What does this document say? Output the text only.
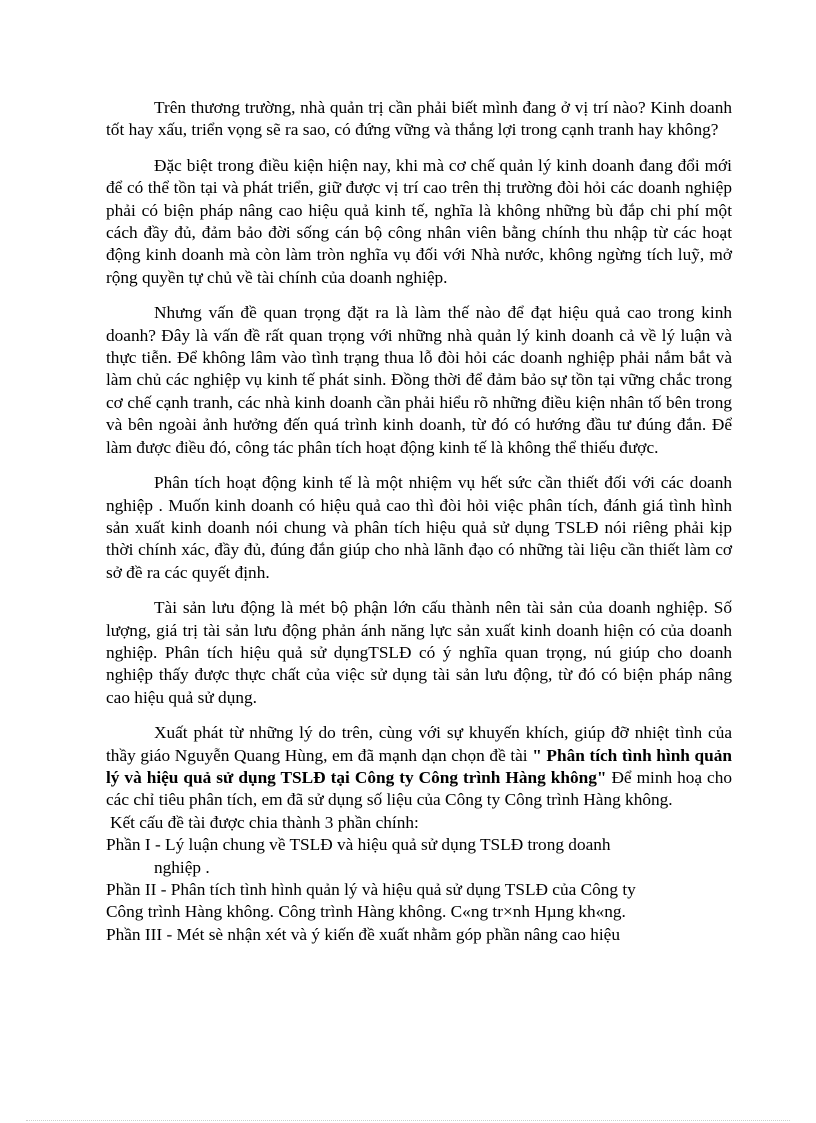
Trên thương trường, nhà quản trị cần phải biết mình đang ở vị trí nào? Kinh doanh tốt hay xấu, triển vọng sẽ ra sao, có đứng vững và thắng lợi trong cạnh tranh hay không?

Đặc biệt trong điều kiện hiện nay, khi mà cơ chế quản lý kinh doanh đang đổi mới để có thể tồn tại và phát triển, giữ được vị trí cao trên thị trường đòi hỏi các doanh nghiệp phải có biện pháp nâng cao hiệu quả kinh tế, nghĩa là không những bù đắp chi phí một cách đầy đủ, đảm bảo đời sống cán bộ công nhân viên bằng chính thu nhập từ các hoạt động kinh doanh mà còn làm tròn nghĩa vụ đối với Nhà nước, không ngừng tích luỹ, mở rộng quyền tự chủ về tài chính của doanh nghiệp.

Nhưng vấn đề quan trọng đặt ra là làm thế nào để đạt hiệu quả cao trong kinh doanh? Đây là vấn đề rất quan trọng với những nhà quản lý kinh doanh cả về lý luận và thực tiễn. Để không lâm vào tình trạng thua lỗ đòi hỏi các doanh nghiệp phải nắm bắt và làm chủ các nghiệp vụ kinh tế phát sinh. Đồng thời để đảm bảo sự tồn tại vững chắc trong cơ chế cạnh tranh, các nhà kinh doanh cần phải hiểu rõ những điều kiện nhân tố bên trong và bên ngoài ảnh hưởng đến quá trình kinh doanh, từ đó có hướng đầu tư đúng đắn. Để làm được điều đó, công tác phân tích hoạt động kinh tế là không thể thiếu được.

Phân tích hoạt động kinh tế là một nhiệm vụ hết sức cần thiết đối với các doanh nghiệp . Muốn kinh doanh có hiệu quả cao thì đòi hỏi việc phân tích, đánh giá tình hình sản xuất kinh doanh nói chung và phân tích hiệu quả sử dụng TSLĐ nói riêng phải kịp thời chính xác, đầy đủ, đúng đắn giúp cho nhà lãnh đạo có những tài liệu cần thiết làm cơ sở đề ra các quyết định.

Tài sản lưu động là mét bộ phận lớn cấu thành nên tài sản của doanh nghiệp. Số lượng, giá trị tài sản lưu động phản ánh năng lực sản xuất kinh doanh hiện có của doanh nghiệp. Phân tích hiệu quả sử dụngTSLĐ có ý nghĩa quan trọng, nú giúp cho doanh nghiệp thấy được thực chất của việc sử dụng tài sản lưu động, từ đó có biện pháp nâng cao hiệu quả sử dụng.

Xuất phát từ những lý do trên, cùng với sự khuyến khích, giúp đỡ nhiệt tình của thầy giáo Nguyễn Quang Hùng, em đã mạnh dạn chọn đề tài " Phân tích tình hình quản lý và hiệu quả sử dụng TSLĐ tại Công ty Công trình Hàng không" Để minh hoạ cho các chỉ tiêu phân tích, em đã sử dụng số liệu của Công ty Công trình Hàng không.

Kết cấu đề tài được chia thành 3 phần chính:

Phần I - Lý luận chung về TSLĐ và hiệu quả sử dụng TSLĐ trong doanh

nghiệp .

Phần II - Phân tích tình hình quản lý và hiệu quả sử dụng TSLĐ của Công ty

Công trình Hàng không. Công trình Hàng không. C«ng tr×nh Hµng kh«ng.

Phần III - Mét sè nhận xét và ý kiến đề xuất nhằm góp phần nâng cao hiệu
